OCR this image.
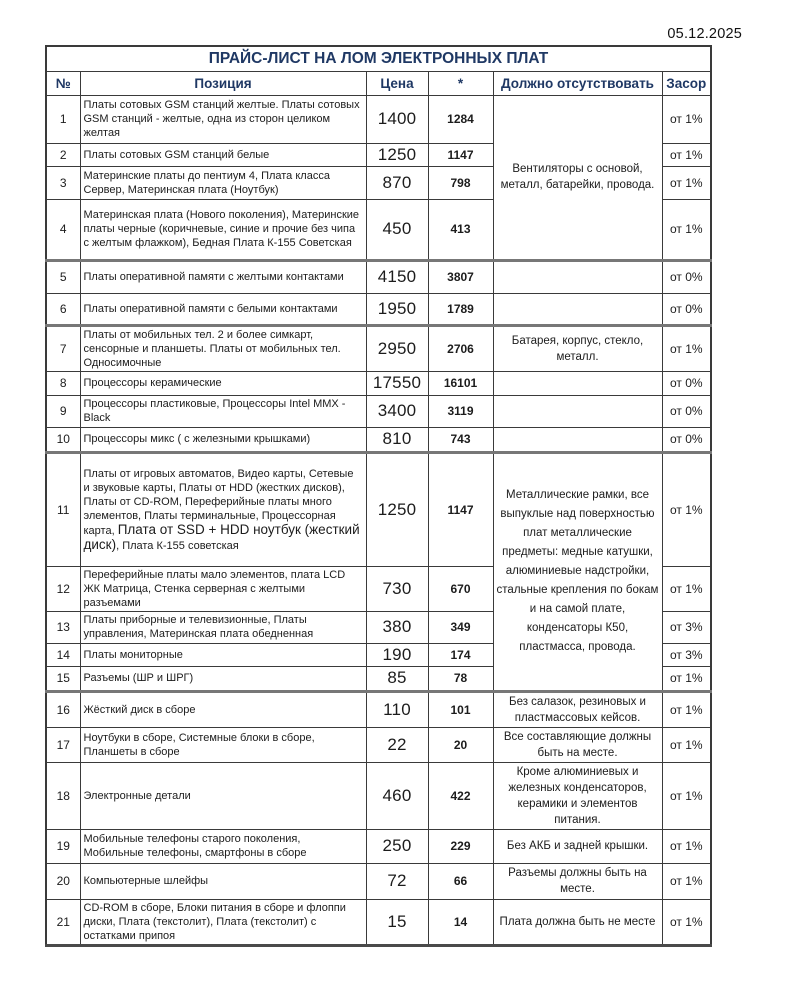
05.12.2025
ПРАЙС-ЛИСТ НА ЛОМ ЭЛЕКТРОННЫХ ПЛАТ					
№	Позиция	Цена	*	Должно отсутствовать	Засор
1	Платы сотовых GSM станций желтые. Платы сотовых GSM станций - желтые, одна из сторон целиком желтая	1400	1284	Вентиляторы с основой, металл, батарейки, провода.	от 1%
2	Платы сотовых GSM станций белые	1250	1147		от 1%
3	Материнские платы до пентиум 4, Плата класса Сервер, Материнская плата (Ноутбук)	870	798		от 1%
4	Материнская плата (Нового поколения), Материнские платы черные (коричневые, синие и прочие без чипа с желтым флажком), Бедная Плата К-155 Советская	450	413		от 1%
5	Платы оперативной памяти с желтыми контактами	4150	3807		от 0%
6	Платы оперативной памяти с белыми контактами	1950	1789		от 0%
7	Платы от мобильных тел. 2 и более симкарт, сенсорные и планшеты. Платы от мобильных тел. Односимочные	2950	2706	Батарея, корпус, стекло, металл.	от 1%
8	Процессоры керамические	17550	16101		от 0%
9	Процессоры пластиковые, Процессоры Intel MMX - Black	3400	3119		от 0%
10	Процессоры микс ( с железными крышками)	810	743		от 0%
11	Платы от игровых автоматов, Видео карты, Сетевые и звуковые карты, Платы от HDD (жестких дисков), Платы от CD-ROM, Переферийные платы много элементов, Платы терминальные, Процессорная карта, Плата от SSD + HDD ноутбук (жесткий диск), Плата К-155 советская	1250	1147	Металлические рамки, все выпуклые над поверхностью плат металлические предметы: медные катушки, алюминиевые надстройки, стальные крепления по бокам и на самой плате, конденсаторы К50, пластмасса, провода.	от 1%
12	Переферийные платы мало элементов, плата LCD ЖК Матрица, Стенка серверная с желтыми разъемами	730	670		от 1%
13	Платы приборные и телевизионные, Платы управления, Материнская плата обедненная	380	349		от 3%
14	Платы мониторные	190	174		от 3%
15	Разъемы (ШР и ШРГ)	85	78		от 1%
16	Жёсткий диск в сборе	110	101	Без салазок, резиновых и пластмассовых кейсов.	от 1%
17	Ноутбуки в сборе, Системные блоки в сборе, Планшеты в сборе	22	20	Все составляющие должны быть на месте.	от 1%
18	Электронные детали	460	422	Кроме алюминиевых и железных конденсаторов, керамики и элементов питания.	от 1%
19	Мобильные телефоны старого поколения, Мобильные телефоны, смартфоны в сборе	250	229	Без АКБ и задней крышки.	от 1%
20	Компьютерные шлейфы	72	66	Разъемы должны быть на месте.	от 1%
21	CD-ROM в сборе, Блоки питания в сборе и флоппи диски, Плата (текстолит), Плата (текстолит) с остатками припоя	15	14	Плата должна быть не месте	от 1%
